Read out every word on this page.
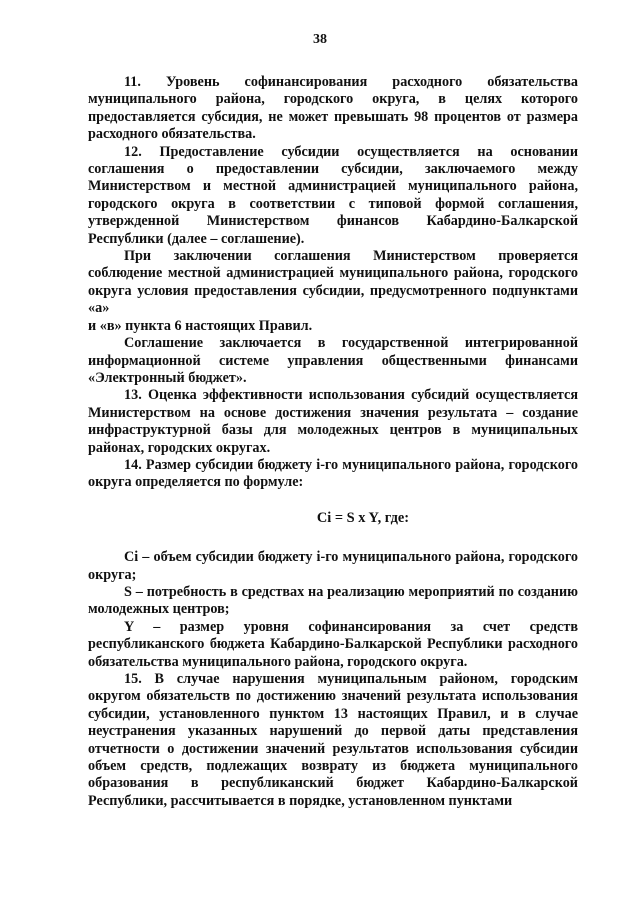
38

11. Уровень софинансирования расходного обязательства муниципального района, городского округа, в целях которого предоставляется субсидия, не может превышать 98 процентов от размера расходного обязательства.

12. Предоставление субсидии осуществляется на основании соглашения о предоставлении субсидии, заключаемого между Министерством и местной администрацией муниципального района, городского округа в соответствии с типовой формой соглашения, утвержденной Министерством финансов Кабардино-Балкарской Республики (далее – соглашение).

При заключении соглашения Министерством проверяется соблюдение местной администрацией муниципального района, городского округа условия предоставления субсидии, предусмотренного подпунктами «а»

и «в» пункта 6 настоящих Правил.

Соглашение заключается в государственной интегрированной информационной системе управления общественными финансами «Электронный бюджет».

13. Оценка эффективности использования субсидий осуществляется Министерством на основе достижения значения результата – создание инфраструктурной базы для молодежных центров в муниципальных районах, городских округах.

14. Размер субсидии бюджету i-го муниципального района, городского округа определяется по формуле:

Ci = S x Y, где:

Ci – объем субсидии бюджету i-го муниципального района, городского округа;

S – потребность в средствах на реализацию мероприятий по созданию молодежных центров;

Y – размер уровня софинансирования за счет средств республиканского бюджета Кабардино-Балкарской Республики расходного обязательства муниципального района, городского округа.

15. В случае нарушения муниципальным районом, городским округом обязательств по достижению значений результата использования субсидии, установленного пунктом 13 настоящих Правил, и в случае неустранения указанных нарушений до первой даты представления отчетности о достижении значений результатов использования субсидии объем средств, подлежащих возврату из бюджета муниципального образования в республиканский бюджет Кабардино-Балкарской Республики, рассчитывается в порядке, установленном пунктами
